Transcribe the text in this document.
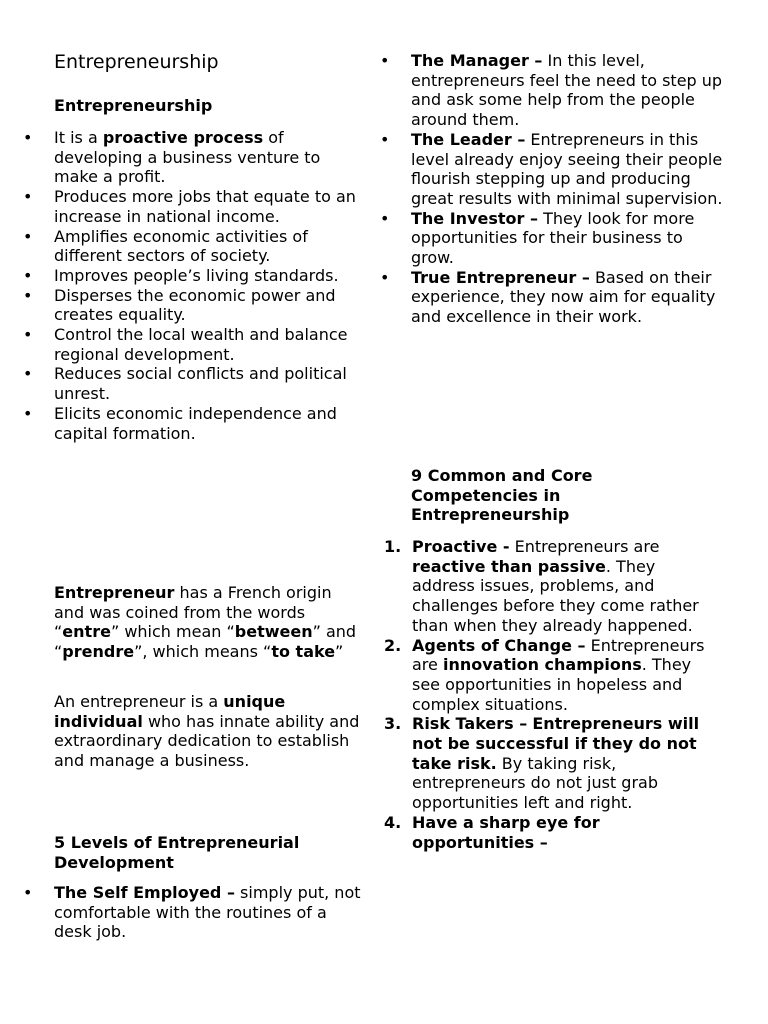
Entrepreneurship
Entrepreneurship
• It is a proactive process of developing a business venture to make a profit.
• Produces more jobs that equate to an increase in national income.
• Amplifies economic activities of different sectors of society.
• Improves people’s living standards.
• Disperses the economic power and creates equality.
• Control the local wealth and balance regional development.
• Reduces social conflicts and political unrest.
• Elicits economic independence and capital formation.

Entrepreneur has a French origin and was coined from the words “entre” which mean “between” and “prendre”, which means “to take”

An entrepreneur is a unique individual who has innate ability and extraordinary dedication to establish and manage a business.

5 Levels of Entrepreneurial Development
• The Self Employed – simply put, not comfortable with the routines of a desk job.
• The Manager – In this level, entrepreneurs feel the need to step up and ask some help from the people around them.
• The Leader – Entrepreneurs in this level already enjoy seeing their people flourish stepping up and producing great results with minimal supervision.
• The Investor – They look for more opportunities for their business to grow.
• True Entrepreneur – Based on their experience, they now aim for equality and excellence in their work.
9 Common and Core Competencies in Entrepreneurship
1. Proactive - Entrepreneurs are reactive than passive. They address issues, problems, and challenges before they come rather than when they already happened.
2. Agents of Change – Entrepreneurs are innovation champions. They see opportunities in hopeless and complex situations.
3. Risk Takers – Entrepreneurs will not be successful if they do not take risk. By taking risk, entrepreneurs do not just grab opportunities left and right.
4. Have a sharp eye for opportunities –
